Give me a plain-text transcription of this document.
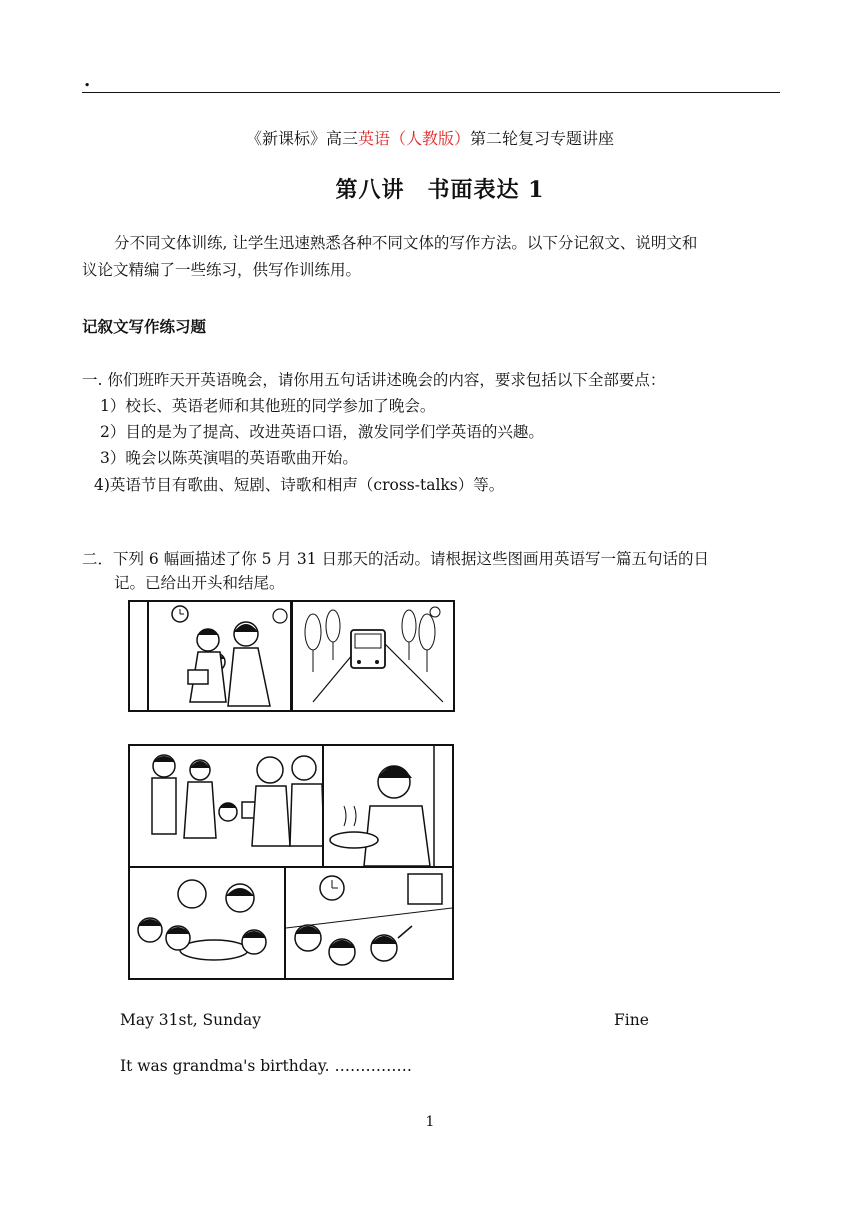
.
《新课标》高三英语（人教版）第二轮复习专题讲座
第八讲　书面表达 1
分不同文体训练, 让学生迅速熟悉各种不同文体的写作方法。以下分记叙文、说明文和
议论文精编了一些练习，供写作训练用。
记叙文写作练习题
一. 你们班昨天开英语晚会，请你用五句话讲述晚会的内容，要求包括以下全部要点：
1）校长、英语老师和其他班的同学参加了晚会。
2）目的是为了提高、改进英语口语，激发同学们学英语的兴趣。
3）晚会以陈英演唱的英语歌曲开始。
4)英语节目有歌曲、短剧、诗歌和相声（cross-talks）等。
二．下列 6 幅画描述了你 5 月 31 日那天的活动。请根据这些图画用英语写一篇五句话的日
记。已给出开头和结尾。
May 31st, Sunday	Fine
It was grandma's birthday. ……………
1
